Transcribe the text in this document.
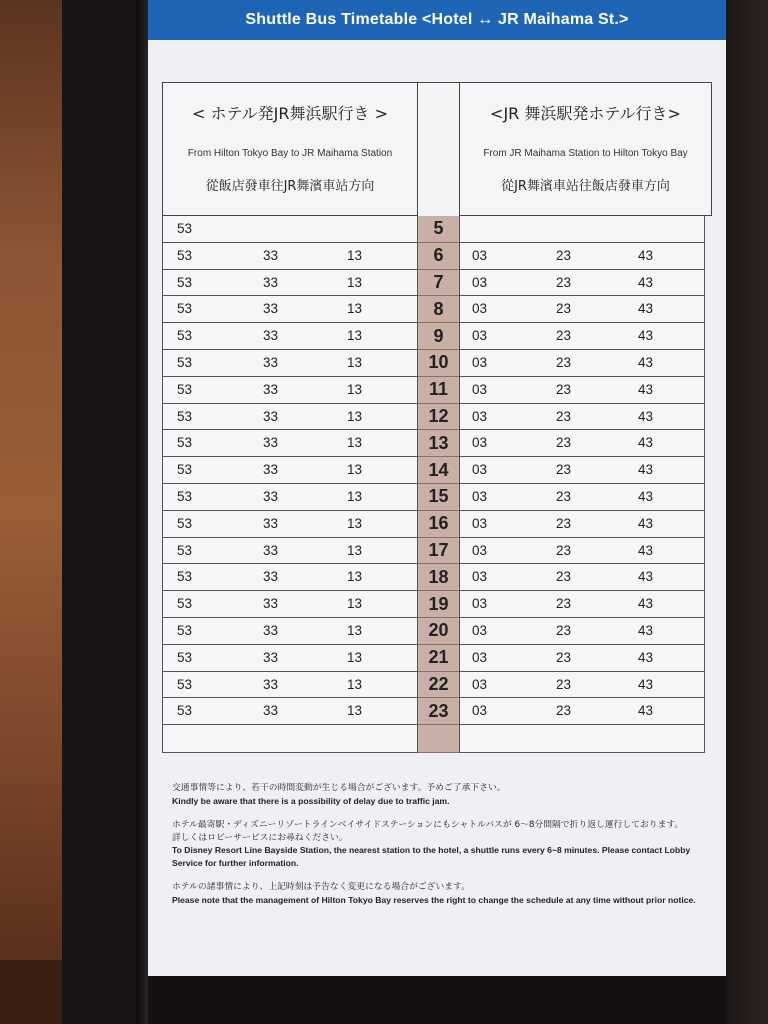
Shuttle Bus Timetable <Hotel ↔ JR Maihama St.>
< ホテル発JR舞浜駅行き >
From Hilton Tokyo Bay to JR Maihama Station
從飯店發車往JR舞濱車站方向
<JR 舞浜駅発ホテル行き>
From JR Maihama Station to Hilton Tokyo Bay
從JR舞濱車站往飯店發車方向
53	5
53	33	13	6	03	23	43
53	33	13	7	03	23	43
53	33	13	8	03	23	43
53	33	13	9	03	23	43
53	33	13	10	03	23	43
53	33	13	11	03	23	43
53	33	13	12	03	23	43
53	33	13	13	03	23	43
53	33	13	14	03	23	43
53	33	13	15	03	23	43
53	33	13	16	03	23	43
53	33	13	17	03	23	43
53	33	13	18	03	23	43
53	33	13	19	03	23	43
53	33	13	20	03	23	43
53	33	13	21	03	23	43
53	33	13	22	03	23	43
53	33	13	23	03	23	43
交通事情等により、若干の時間変動が生じる場合がございます。予めご了承下さい。
Kindly be aware that there is a possibility of delay due to traffic jam.
ホテル最寄駅・ディズニーリゾートラインベイサイドステーションにもシャトルバスが 6～8分間隔で折り返し運行しております。
詳しくはロビーサービスにお尋ねください。
To Disney Resort Line Bayside Station, the nearest station to the hotel, a shuttle runs every 6~8 minutes. Please contact Lobby Service for further information.
ホテルの諸事情により、上記時刻は予告なく変更になる場合がございます。
Please note that the management of Hilton Tokyo Bay reserves the right to change the schedule at any time without prior notice.
